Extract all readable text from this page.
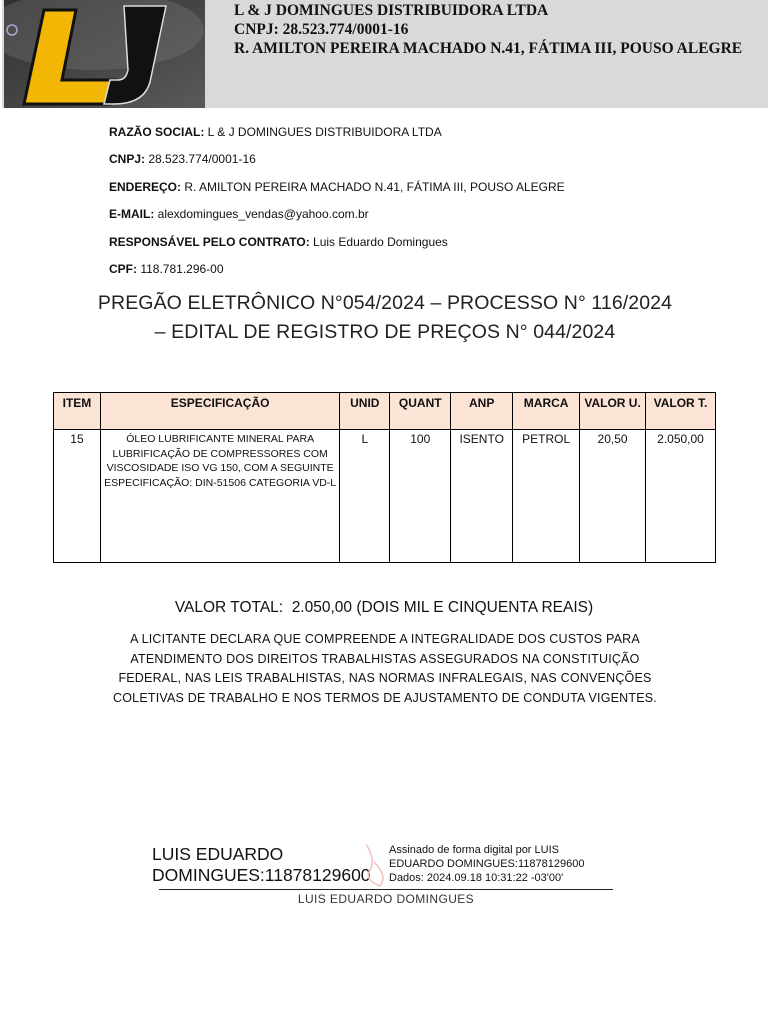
L & J DOMINGUES DISTRIBUIDORA LTDA
CNPJ: 28.523.774/0001-16
R. AMILTON PEREIRA MACHADO N.41, FÁTIMA III, POUSO ALEGRE
RAZÃO SOCIAL: L & J DOMINGUES DISTRIBUIDORA LTDA
CNPJ: 28.523.774/0001-16
ENDEREÇO: R. AMILTON PEREIRA MACHADO N.41, FÁTIMA III, POUSO ALEGRE
E-MAIL: alexdomingues_vendas@yahoo.com.br
RESPONSÁVEL PELO CONTRATO: Luis Eduardo Domingues
CPF: 118.781.296-00
PREGÃO ELETRÔNICO N°054/2024 – PROCESSO N° 116/2024
– EDITAL DE REGISTRO DE PREÇOS N° 044/2024
ITEM	ESPECIFICAÇÃO	UNID	QUANT	ANP	MARCA	VALOR U.	VALOR T.
15	ÓLEO LUBRIFICANTE MINERAL PARA LUBRIFICAÇÃO DE COMPRESSORES COM VISCOSIDADE ISO VG 150, COM A SEGUINTE ESPECIFICAÇÃO: DIN-51506 CATEGORIA VD-L	L	100	ISENTO	PETROL	20,50	2.050,00
VALOR TOTAL:  2.050,00 (DOIS MIL E CINQUENTA REAIS)
A LICITANTE DECLARA QUE COMPREENDE A INTEGRALIDADE DOS CUSTOS PARA ATENDIMENTO DOS DIREITOS TRABALHISTAS ASSEGURADOS NA CONSTITUIÇÃO FEDERAL, NAS LEIS TRABALHISTAS, NAS NORMAS INFRALEGAIS, NAS CONVENÇÕES COLETIVAS DE TRABALHO E NOS TERMOS DE AJUSTAMENTO DE CONDUTA VIGENTES.
LUIS EDUARDO
DOMINGUES:11878129600
Assinado de forma digital por LUIS
EDUARDO DOMINGUES:11878129600
Dados: 2024.09.18 10:31:22 -03'00'
LUIS EDUARDO DOMINGUES
